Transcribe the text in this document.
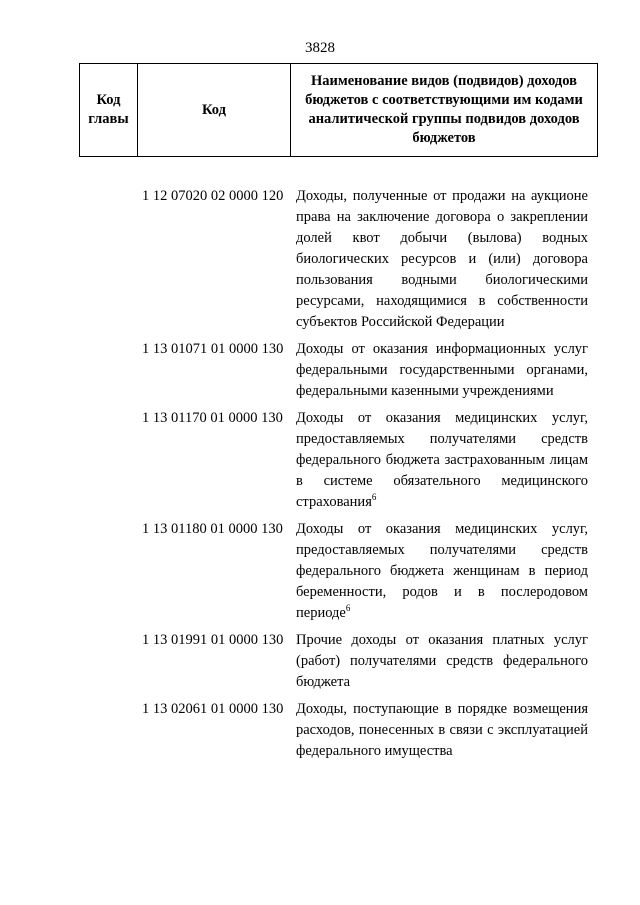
3828
Код главы	Код	Наименование видов (подвидов) доходов бюджетов с соответствующими им кодами аналитической группы подвидов доходов бюджетов
1 12 07020 02 0000 120 Доходы, полученные от продажи на аукционе права на заключение договора о закреплении долей квот добычи (вылова) водных биологических ресурсов и (или) договора пользования водными биологическими ресурсами, находящимися в собственности субъектов Российской Федерации
1 13 01071 01 0000 130 Доходы от оказания информационных услуг федеральными государственными органами, федеральными казенными учреждениями
1 13 01170 01 0000 130 Доходы от оказания медицинских услуг, предоставляемых получателями средств федерального бюджета застрахованным лицам в системе обязательного медицинского страхования$^6$
1 13 01180 01 0000 130 Доходы от оказания медицинских услуг, предоставляемых получателями средств федерального бюджета женщинам в период беременности, родов и в послеродовом периоде$^6$
1 13 01991 01 0000 130 Прочие доходы от оказания платных услуг (работ) получателями средств федерального бюджета
1 13 02061 01 0000 130 Доходы, поступающие в порядке возмещения расходов, понесенных в связи с эксплуатацией федерального имущества
